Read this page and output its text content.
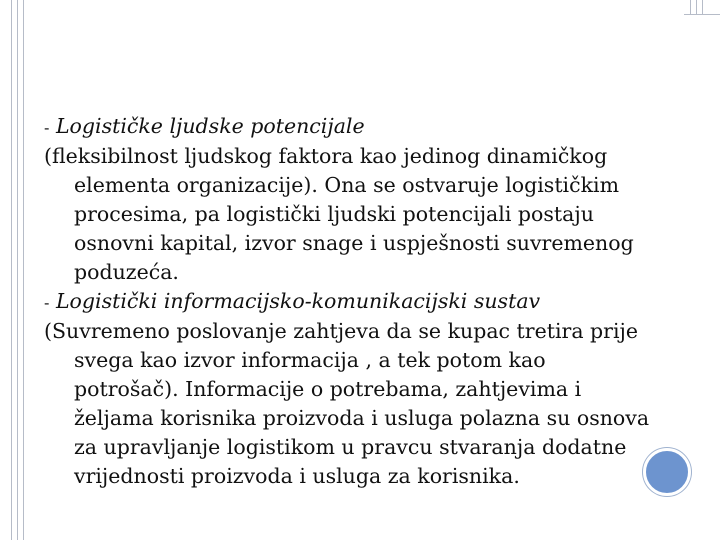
- Logističke ljudske potencijale

(fleksibilnost ljudskog faktora kao jedinog dinamičkog elementa organizacije). Ona se ostvaruje logističkim procesima, pa logistički ljudski potencijali postaju osnovni kapital, izvor snage i uspješnosti suvremenog poduzeća.

- Logistički informacijsko-komunikacijski sustav

(Suvremeno poslovanje zahtjeva da se kupac tretira prije svega kao izvor informacija , a tek potom kao potrošač). Informacije o potrebama, zahtjevima i željama korisnika proizvoda i usluga polazna su osnova za upravljanje logistikom u pravcu stvaranja dodatne vrijednosti proizvoda i usluga za korisnika.
